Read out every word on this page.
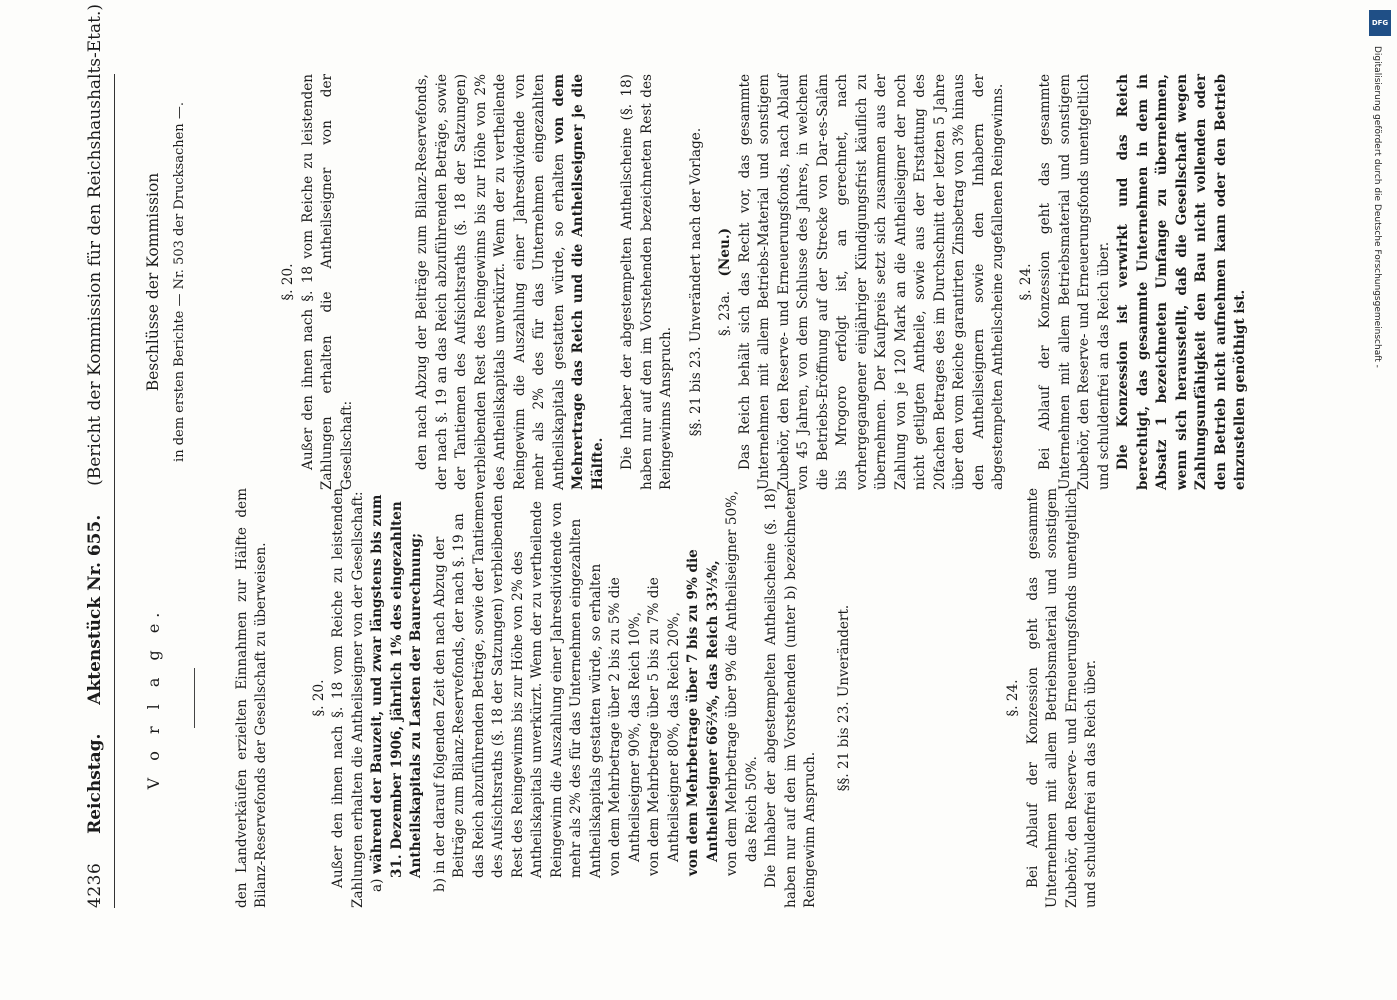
4236  Reichstag.  Aktenstück Nr. 655.  (Bericht der Kommission für den Reichshaushalts-Etat.)
V o r l a g e.	den Landverkäufen erzielten Einnahmen zur Hälfte dem Bilanz-Reservefonds der Gesellschaft zu überweisen.	§. 20. Außer den ihnen nach §. 18 vom Reiche zu leistenden Zahlungen erhalten die Antheilseigner von der Gesellschaft: a) während der Bauzeit, und zwar längstens bis zum 31. Dezember 1906, jährlich 1% des eingezahlten Antheilskapitals zu Lasten der Baurechnung;
b) in der darauf folgenden Zeit den nach Abzug der Beiträge zum Bilanz-Reservefonds, der nach §. 19 an das Reich abzuführenden Beträge, sowie der Tantiemen des Aufsichtsraths (§. 18 der Satzungen) verbleibenden Rest des Reingewinns bis zur Höhe von 2% des Antheilskapitals unverkürzt. Wenn der zu vertheilende Reingewinn die Auszahlung einer Jahresdividende von mehr als 2% des für das Unternehmen eingezahlten Antheilskapitals gestatten würde, so erhalten von dem Mehrbetrage über 2 bis zu 5% die Antheilseigner 90%, das Reich 10%, von dem Mehrbetrage über 5 bis zu 7% die Antheilseigner 80%, das Reich 20%, von dem Mehrbetrage über 7 bis zu 9% die Antheilseigner 66⅔%, das Reich 33⅓%, von dem Mehrbetrage über 9% die Antheilseigner 50%, das Reich 50%. Die Inhaber der abgestempelten Antheilscheine (§. 18) haben nur auf den im Vorstehenden (unter b) bezeichneten Reingewinn Anspruch.

§§. 21 bis 23. Unverändert.	§. 24. Bei Ablauf der Konzession geht das gesammte Unternehmen mit allem Betriebsmaterial und sonstigem Zubehör, den Reserve- und Erneuerungsfonds unentgeltlich und schuldenfrei an das Reich über.

Beschlüsse der Kommission in dem ersten Berichte — Nr. 503 der Drucksachen —.	§. 20. Außer den ihnen nach §. 18 vom Reiche zu leistenden Zahlungen erhalten die Antheilseigner von der Gesellschaft:	den nach Abzug der Beiträge zum Bilanz-Reservefonds, der nach §. 19 an das Reich abzuführenden Beträge, sowie der Tantiemen des Aufsichtsraths (§. 18 der Satzungen) verbleibenden Rest des Reingewinns bis zur Höhe von 2% des Antheilskapitals unverkürzt. Wenn der zu vertheilende Reingewinn die Auszahlung einer Jahresdividende von mehr als 2% des für das Unternehmen eingezahlten Antheilskapitals gestatten würde, so erhalten von dem Mehrertrage das Reich und die Antheilseigner je die Hälfte. Die Inhaber der abgestempelten Antheilscheine (§. 18) haben nur auf den im Vorstehenden bezeichneten Rest des Reingewinns Anspruch. §§. 21 bis 23. Unverändert nach der Vorlage. §. 23a. (Neu.) Das Reich behält sich das Recht vor, das gesammte Unternehmen mit allem Betriebs-Material und sonstigem Zubehör, den Reserve- und Erneuerungsfonds, nach Ablauf von 45 Jahren, von dem Schlusse des Jahres, in welchem die Betriebs-Eröffnung auf der Strecke von Dar-es-Salâm bis Mrogoro erfolgt ist, an gerechnet, nach vorhergegangener einjähriger Kündigungsfrist käuflich zu übernehmen. Der Kaufpreis setzt sich zusammen aus der Zahlung von je 120 Mark an die Antheilseigner der noch nicht getilgten Antheile, sowie aus der Erstattung des 20fachen Betrages des im Durchschnitt der letzten 5 Jahre über den vom Reiche garantirten Zinsbetrag von 3% hinaus den Antheilseignern sowie den Inhabern der abgestempelten Antheilscheine zugefallenen Reingewinns. §. 24. Bei Ablauf der Konzession geht das gesammte Unternehmen mit allem Betriebsmaterial und sonstigem Zubehör, den Reserve- und Erneuerungsfonds unentgeltlich und schuldenfrei an das Reich über. Die Konzession ist verwirkt und das Reich berechtigt, das gesammte Unternehmen in dem in Absatz 1 bezeichneten Umfange zu übernehmen, wenn sich herausstellt, daß die Gesellschaft wegen Zahlungsunfähigkeit den Bau nicht vollenden oder den Betrieb nicht aufnehmen kann oder den Betrieb einzustellen genöthigt ist.

Digitalisierung gefördert durch die Deutsche Forschungsgemeinschaft -
DFG
